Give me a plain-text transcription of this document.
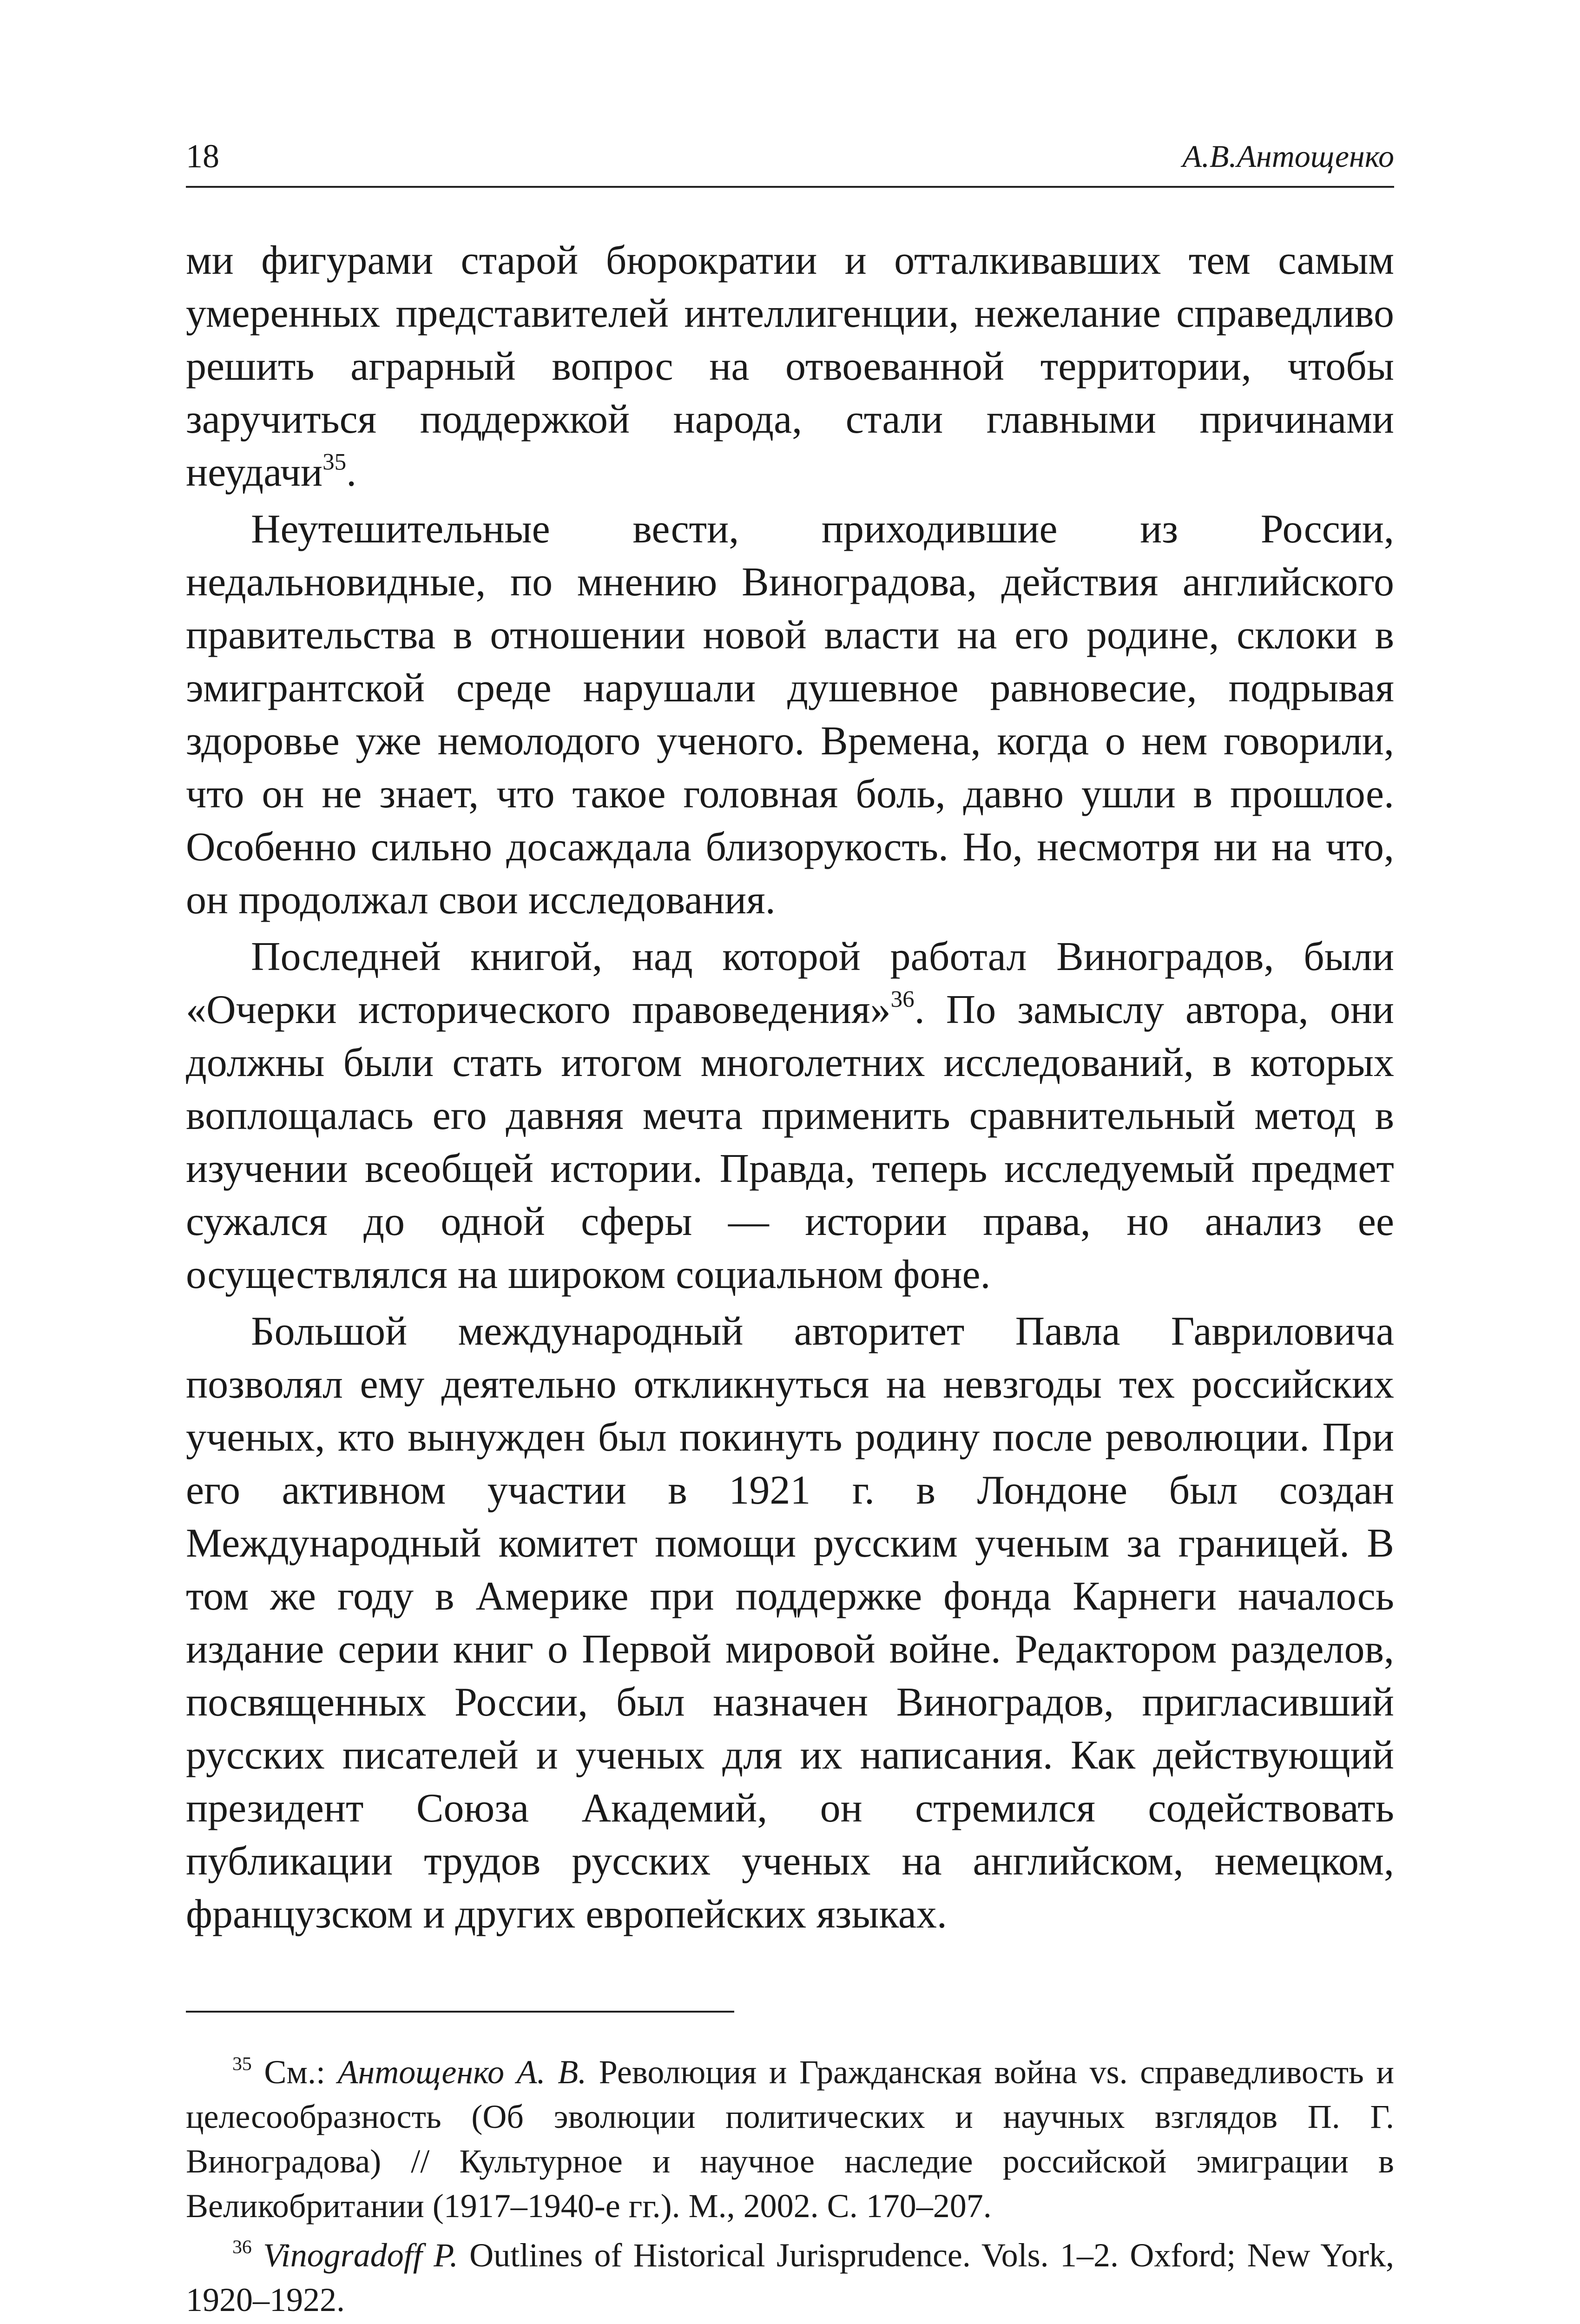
18	А.В.Антощенко

ми фигурами старой бюрократии и отталкивавших тем самым умеренных представителей интеллигенции, нежелание справедливо решить аграрный вопрос на отвоеванной территории, чтобы заручиться поддержкой народа, стали главными причинами неудачи$^{35}$.

Неутешительные вести, приходившие из России, недальновидные, по мнению Виноградова, действия английского правительства в отношении новой власти на его родине, склоки в эмигрантской среде нарушали душевное равновесие, подрывая здоровье уже немолодого ученого. Времена, когда о нем говорили, что он не знает, что такое головная боль, давно ушли в прошлое. Особенно сильно досаждала близорукость. Но, несмотря ни на что, он продолжал свои исследования.

Последней книгой, над которой работал Виноградов, были «Очерки исторического правоведения»$^{36}$. По замыслу автора, они должны были стать итогом многолетних исследований, в которых воплощалась его давняя мечта применить сравнительный метод в изучении всеобщей истории. Правда, теперь исследуемый предмет сужался до одной сферы — истории права, но анализ ее осуществлялся на широком социальном фоне.

Большой международный авторитет Павла Гавриловича позволял ему деятельно откликнуться на невзгоды тех российских ученых, кто вынужден был покинуть родину после революции. При его активном участии в 1921 г. в Лондоне был создан Международный комитет помощи русским ученым за границей. В том же году в Америке при поддержке фонда Карнеги началось издание серии книг о Первой мировой войне. Редактором разделов, посвященных России, был назначен Виноградов, пригласивший русских писателей и ученых для их написания. Как действующий президент Союза Академий, он стремился содействовать публикации трудов русских ученых на английском, немецком, французском и других европейских языках.

$^{35}$ См.: Антощенко А. В. Революция и Гражданская война vs. справедливость и целесообразность (Об эволюции политических и научных взглядов П. Г. Виноградова) // Культурное и научное наследие российской эмиграции в Великобритании (1917–1940-е гг.). М., 2002. С. 170–207.

$^{36}$ Vinogradoff P. Outlines of Historical Jurisprudence. Vols. 1–2. Oxford; New York, 1920–1922.
